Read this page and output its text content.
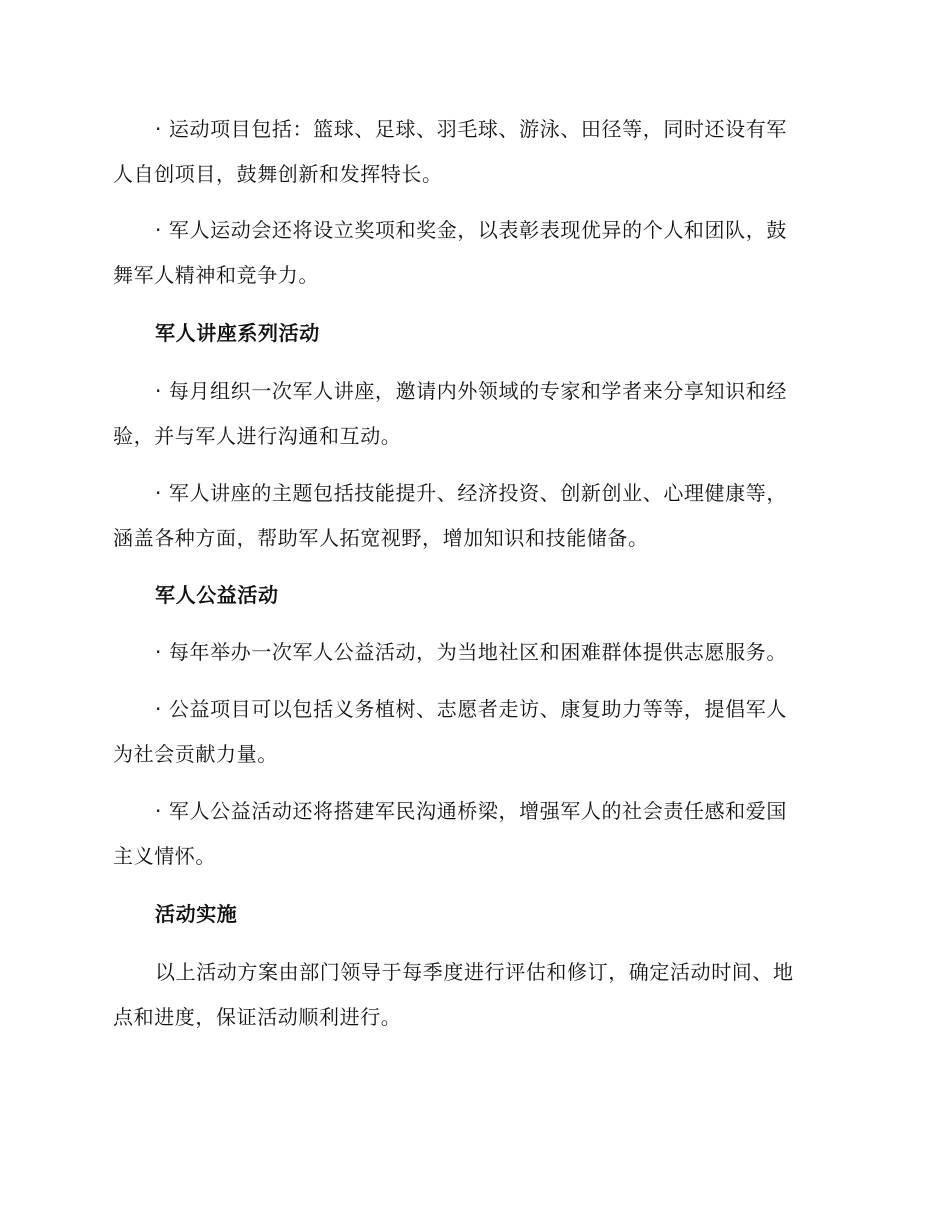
· 运动项目包括：篮球、足球、羽毛球、游泳、田径等，同时还设有军
人自创项目，鼓舞创新和发挥特长。
· 军人运动会还将设立奖项和奖金，以表彰表现优异的个人和团队，鼓
舞军人精神和竞争力。
军人讲座系列活动
· 每月组织一次军人讲座，邀请内外领域的专家和学者来分享知识和经
验，并与军人进行沟通和互动。
· 军人讲座的主题包括技能提升、经济投资、创新创业、心理健康等，
涵盖各种方面，帮助军人拓宽视野，增加知识和技能储备。
军人公益活动
· 每年举办一次军人公益活动，为当地社区和困难群体提供志愿服务。
· 公益项目可以包括义务植树、志愿者走访、康复助力等等，提倡军人
为社会贡献力量。
· 军人公益活动还将搭建军民沟通桥梁，增强军人的社会责任感和爱国
主义情怀。
活动实施
以上活动方案由部门领导于每季度进行评估和修订，确定活动时间、地
点和进度，保证活动顺利进行。
